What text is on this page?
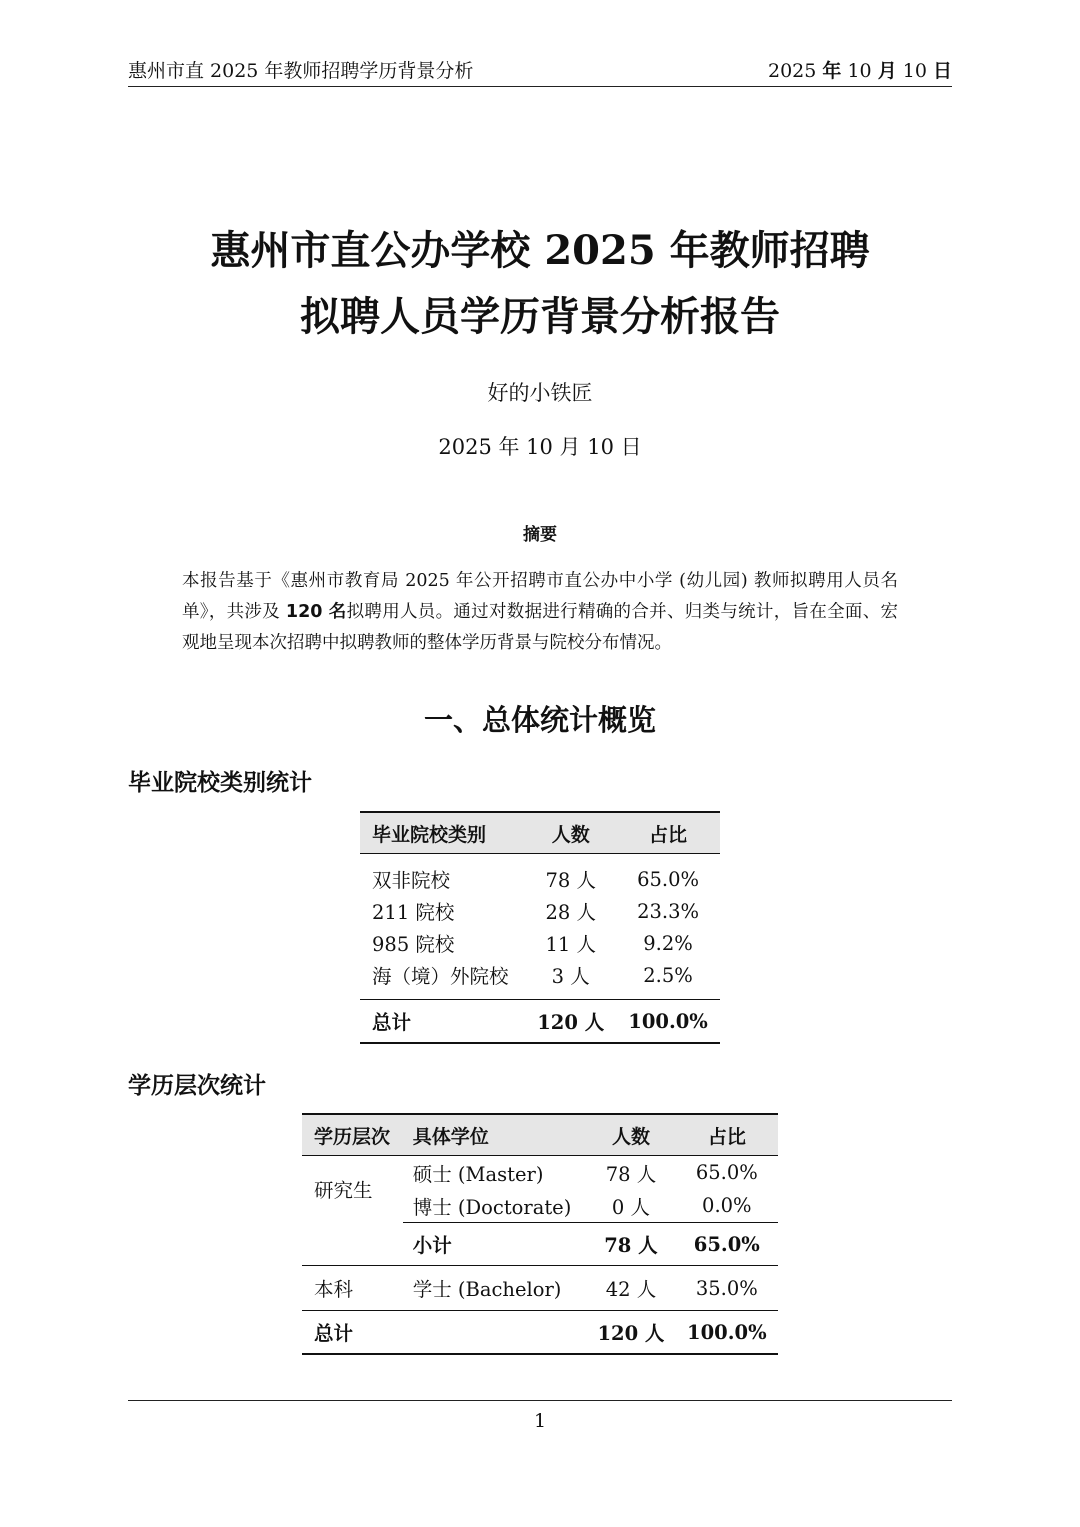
惠州市直 2025 年教师招聘学历背景分析	2025 年 10 月 10 日
惠州市直公办学校 2025 年教师招聘
拟聘人员学历背景分析报告
好的小铁匠
2025 年 10 月 10 日
摘要
本报告基于《惠州市教育局 2025 年公开招聘市直公办中小学 (幼儿园) 教师拟聘用人员名单》，共涉及 120 名拟聘用人员。通过对数据进行精确的合并、归类与统计，旨在全面、宏观地呈现本次招聘中拟聘教师的整体学历背景与院校分布情况。
一、总体统计概览
毕业院校类别统计
毕业院校类别	人数	占比
双非院校	78 人	65.0%
211 院校	28 人	23.3%
985 院校	11 人	9.2%
海（境）外院校	3 人	2.5%
总计	120 人	100.0%
学历层次统计
学历层次	具体学位	人数	占比
研究生	硕士 (Master)	78 人	65.0%
	博士 (Doctorate)	0 人	0.0%
	小计	78 人	65.0%
本科	学士 (Bachelor)	42 人	35.0%
总计		120 人	100.0%
1
